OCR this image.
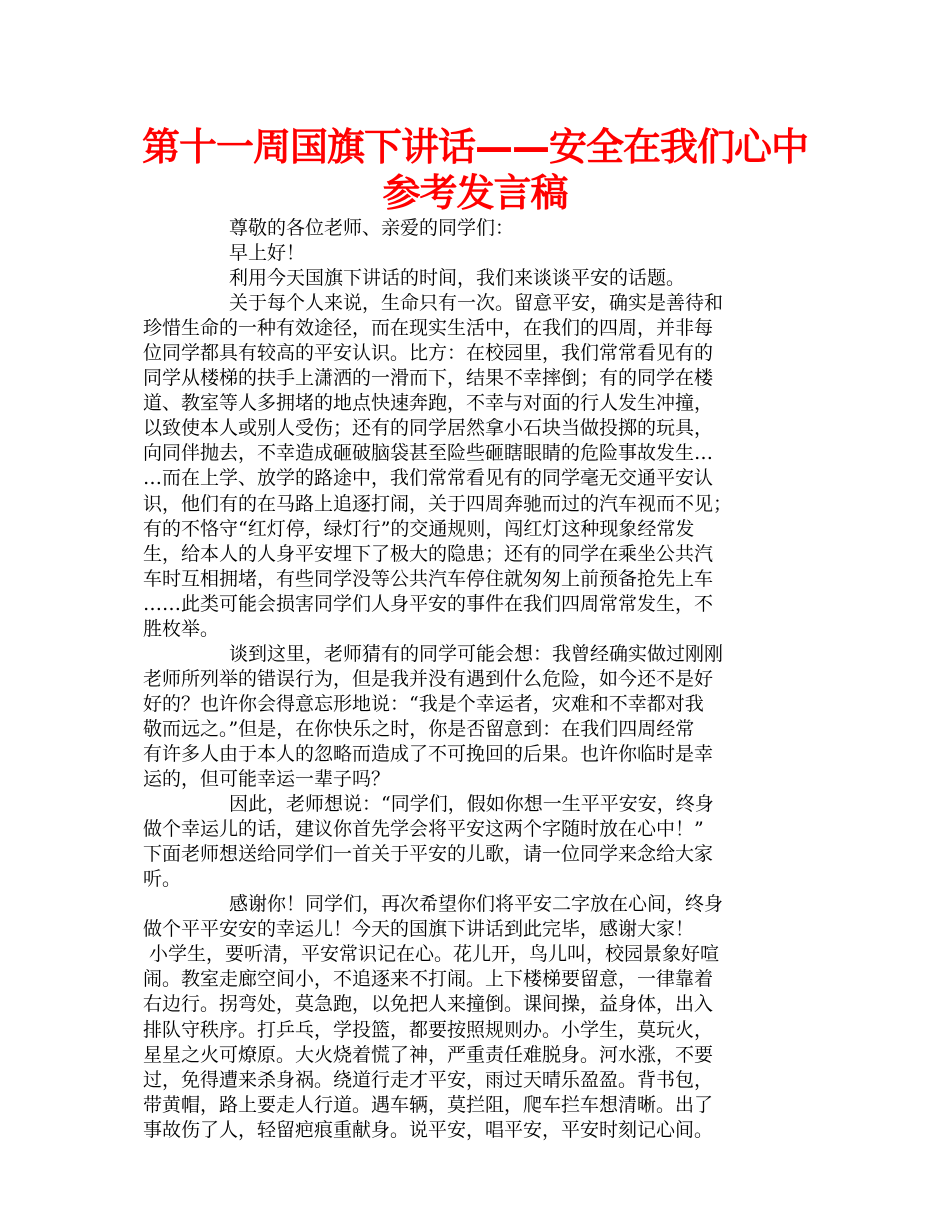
第十一周国旗下讲话——安全在我们心中
参考发言稿
尊敬的各位老师、亲爱的同学们：
早上好！
利用今天国旗下讲话的时间，我们来谈谈平安的话题。
关于每个人来说，生命只有一次。留意平安，确实是善待和
珍惜生命的一种有效途径，而在现实生活中，在我们的四周，并非每
位同学都具有较高的平安认识。比方：在校园里，我们常常看见有的
同学从楼梯的扶手上潇洒的一滑而下，结果不幸摔倒；有的同学在楼
道、教室等人多拥堵的地点快速奔跑，不幸与对面的行人发生冲撞，
以致使本人或别人受伤；还有的同学居然拿小石块当做投掷的玩具，
向同伴抛去，不幸造成砸破脑袋甚至险些砸瞎眼睛的危险事故发生…
…而在上学、放学的路途中，我们常常看见有的同学毫无交通平安认
识，他们有的在马路上追逐打闹，关于四周奔驰而过的汽车视而不见；
有的不恪守“红灯停，绿灯行”的交通规则，闯红灯这种现象经常发
生，给本人的人身平安埋下了极大的隐患；还有的同学在乘坐公共汽
车时互相拥堵，有些同学没等公共汽车停住就匆匆上前预备抢先上车
……此类可能会损害同学们人身平安的事件在我们四周常常发生，不
胜枚举。
谈到这里，老师猜有的同学可能会想：我曾经确实做过刚刚
老师所列举的错误行为，但是我并没有遇到什么危险，如今还不是好
好的？也许你会得意忘形地说：“我是个幸运者，灾难和不幸都对我
敬而远之。”但是，在你快乐之时，你是否留意到：在我们四周经常
有许多人由于本人的忽略而造成了不可挽回的后果。也许你临时是幸
运的，但可能幸运一辈子吗？
因此，老师想说：“同学们，假如你想一生平平安安，终身
做个幸运儿的话，建议你首先学会将平安这两个字随时放在心中！”
下面老师想送给同学们一首关于平安的儿歌，请一位同学来念给大家
听。
感谢你！同学们，再次希望你们将平安二字放在心间，终身
做个平平安安的幸运儿！今天的国旗下讲话到此完毕，感谢大家！
小学生，要听清，平安常识记在心。花儿开，鸟儿叫，校园景象好喧
闹。教室走廊空间小，不追逐来不打闹。上下楼梯要留意，一律靠着
右边行。拐弯处，莫急跑，以免把人来撞倒。课间操，益身体，出入
排队守秩序。打乒乓，学投篮，都要按照规则办。小学生，莫玩火，
星星之火可燎原。大火烧着慌了神，严重责任难脱身。河水涨，不要
过，免得遭来杀身祸。绕道行走才平安，雨过天晴乐盈盈。背书包，
带黄帽，路上要走人行道。遇车辆，莫拦阻，爬车拦车想清晰。出了
事故伤了人，轻留疤痕重献身。说平安，唱平安，平安时刻记心间。
